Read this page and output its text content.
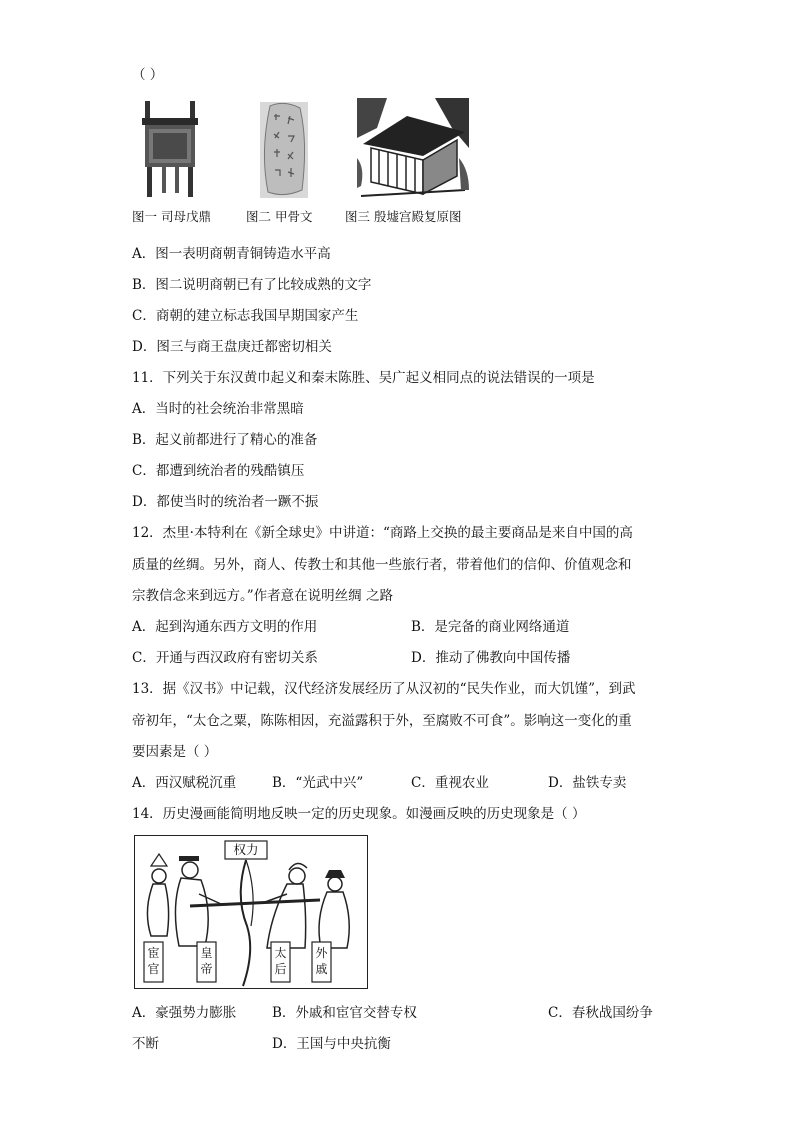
（ ）
图一 司母戊鼎	图二 甲骨文	图三 殷墟宫殿复原图
A．图一表明商朝青铜铸造水平高
B．图二说明商朝已有了比较成熟的文字
C．商朝的建立标志我国早期国家产生
D．图三与商王盘庚迁都密切相关
11．下列关于东汉黄巾起义和秦末陈胜、吴广起义相同点的说法错误的一项是
A．当时的社会统治非常黑暗
B．起义前都进行了精心的准备
C．都遭到统治者的残酷镇压
D．都使当时的统治者一蹶不振
12．杰里·本特利在《新全球史》中讲道：“商路上交换的最主要商品是来自中国的高
质量的丝绸。另外，商人、传教士和其他一些旅行者，带着他们的信仰、价值观念和
宗教信念来到远方。”作者意在说明丝绸 之路
A．起到沟通东西方文明的作用	B．是完备的商业网络通道
C．开通与西汉政府有密切关系	D．推动了佛教向中国传播
13．据《汉书》中记载，汉代经济发展经历了从汉初的“民失作业，而大饥馑”，到武
帝初年，“太仓之粟，陈陈相因，充溢露积于外，至腐败不可食”。影响这一变化的重
要因素是（ ）
A．西汉赋税沉重	B．“光武中兴”	C．重视农业	D．盐铁专卖
14．历史漫画能简明地反映一定的历史现象。如漫画反映的历史现象是（ ）
权力
宦官
皇帝
太后
外戚
A．豪强势力膨胀	B．外戚和宦官交替专权	C．春秋战国纷争
不断	D．王国与中央抗衡
